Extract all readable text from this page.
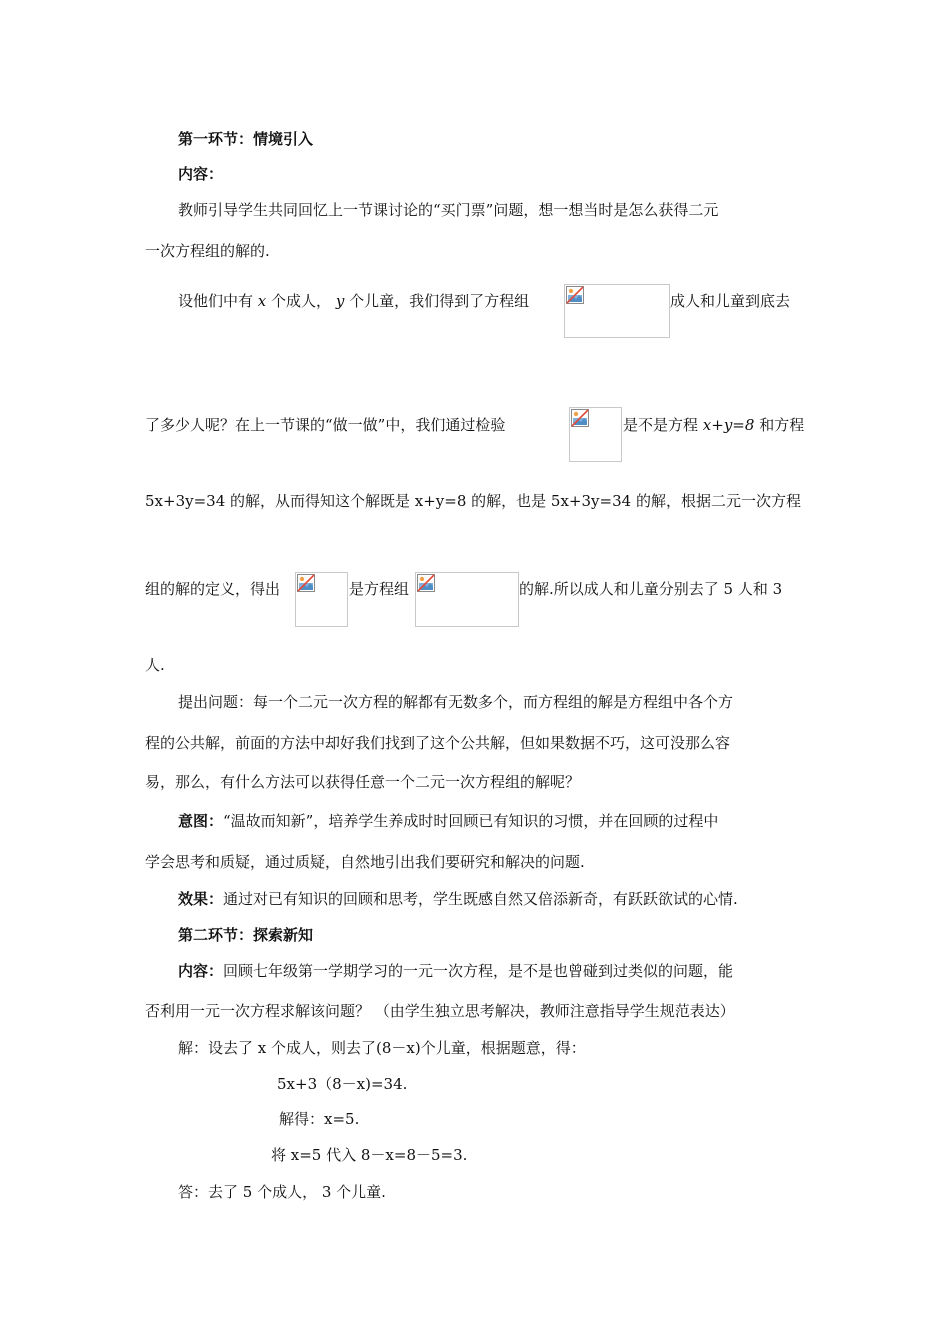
第一环节：情境引入
内容：
教师引导学生共同回忆上一节课讨论的“买门票”问题，想一想当时是怎么获得二元
一次方程组的解的.
设他们中有 x 个成人， y 个儿童，我们得到了方程组	成人和儿童到底去
了多少人呢？在上一节课的“做一做”中，我们通过检验	是不是方程 x+y=8 和方程
5x+3y=34 的解，从而得知这个解既是 x+y=8 的解，也是 5x+3y=34 的解，根据二元一次方程
组的解的定义，得出	是方程组	的解.所以成人和儿童分别去了 5 人和 3
人.
提出问题：每一个二元一次方程的解都有无数多个，而方程组的解是方程组中各个方
程的公共解，前面的方法中却好我们找到了这个公共解，但如果数据不巧，这可没那么容
易，那么，有什么方法可以获得任意一个二元一次方程组的解呢？
意图：“温故而知新”，培养学生养成时时回顾已有知识的习惯，并在回顾的过程中
学会思考和质疑，通过质疑，自然地引出我们要研究和解决的问题.
效果：通过对已有知识的回顾和思考，学生既感自然又倍添新奇，有跃跃欲试的心情.
第二环节：探索新知
内容：回顾七年级第一学期学习的一元一次方程，是不是也曾碰到过类似的问题，能
否利用一元一次方程求解该问题？ （由学生独立思考解决，教师注意指导学生规范表达）
解：设去了 x 个成人，则去了(8－x)个儿童，根据题意，得：
5x+3（8－x)=34.
解得：x=5.
将 x=5 代入 8－x=8－5=3.
答：去了 5 个成人， 3 个儿童.
